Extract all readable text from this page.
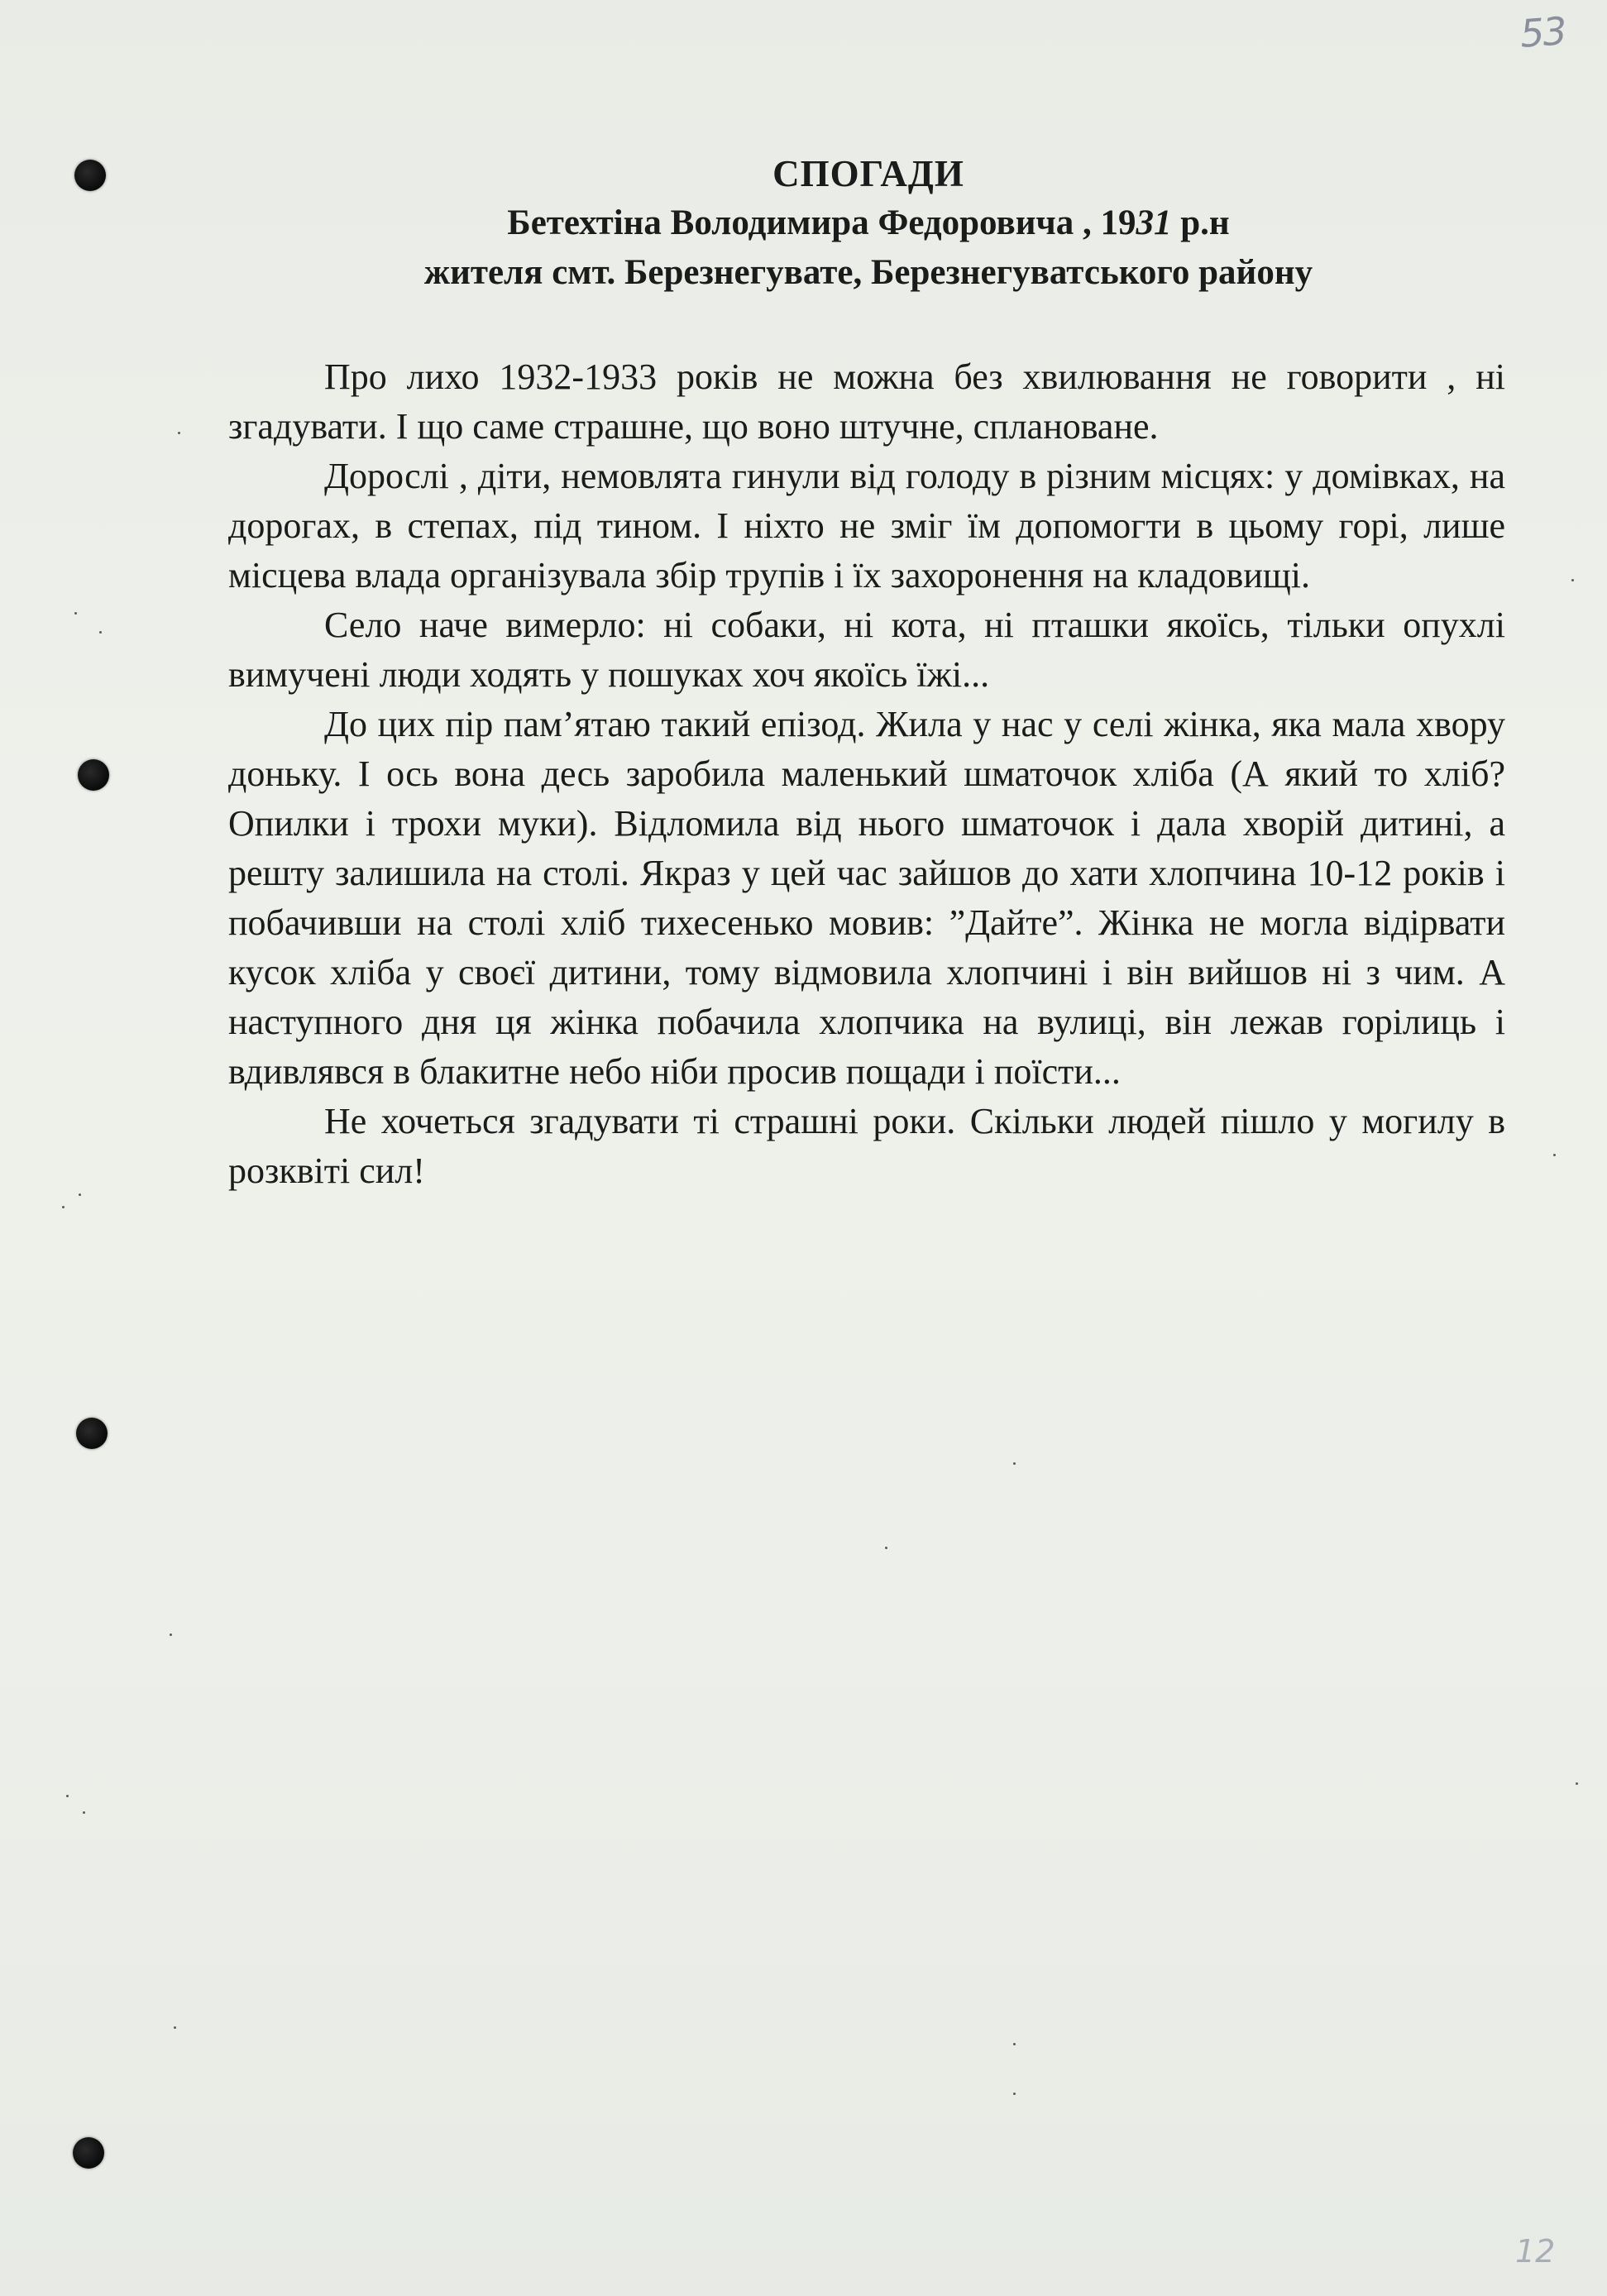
53
СПОГАДИ
Бетехтіна Володимира Федоровича , 1931 р.н
жителя смт. Березнегувате, Березнегуватського району

Про лихо 1932-1933 років не можна без хвилювання не говорити , ні згадувати. І що саме страшне, що воно штучне, сплановане.

Дорослі , діти, немовлята гинули від голоду в різним місцях: у домівках, на дорогах, в степах, під тином. І ніхто не зміг їм допомогти в цьому горі, лише місцева влада організувала збір трупів і їх захоронення на кладовищі.

Село наче вимерло: ні собаки, ні кота, ні пташки якоїсь, тільки опухлі вимучені люди ходять у пошуках хоч якоїсь їжі...

До цих пір пам’ятаю такий епізод. Жила у нас у селі жінка, яка мала хвору доньку. І ось вона десь заробила маленький шматочок хліба (А який то хліб? Опилки і трохи муки). Відломила від нього шматочок і дала хворій дитині, а решту залишила на столі. Якраз у цей час зайшов до хати хлопчина 10-12 років і побачивши на столі хліб тихесенько мовив: ”Дайте”. Жінка не могла відірвати кусок хліба у своєї дитини, тому відмовила хлопчині і він вийшов ні з чим. А наступного дня ця жінка побачила хлопчика на вулиці, він лежав горілиць і вдивлявся в блакитне небо ніби просив пощади і поїсти...

Не хочеться згадувати ті страшні роки. Скільки людей пішло у могилу в розквіті сил!

12
